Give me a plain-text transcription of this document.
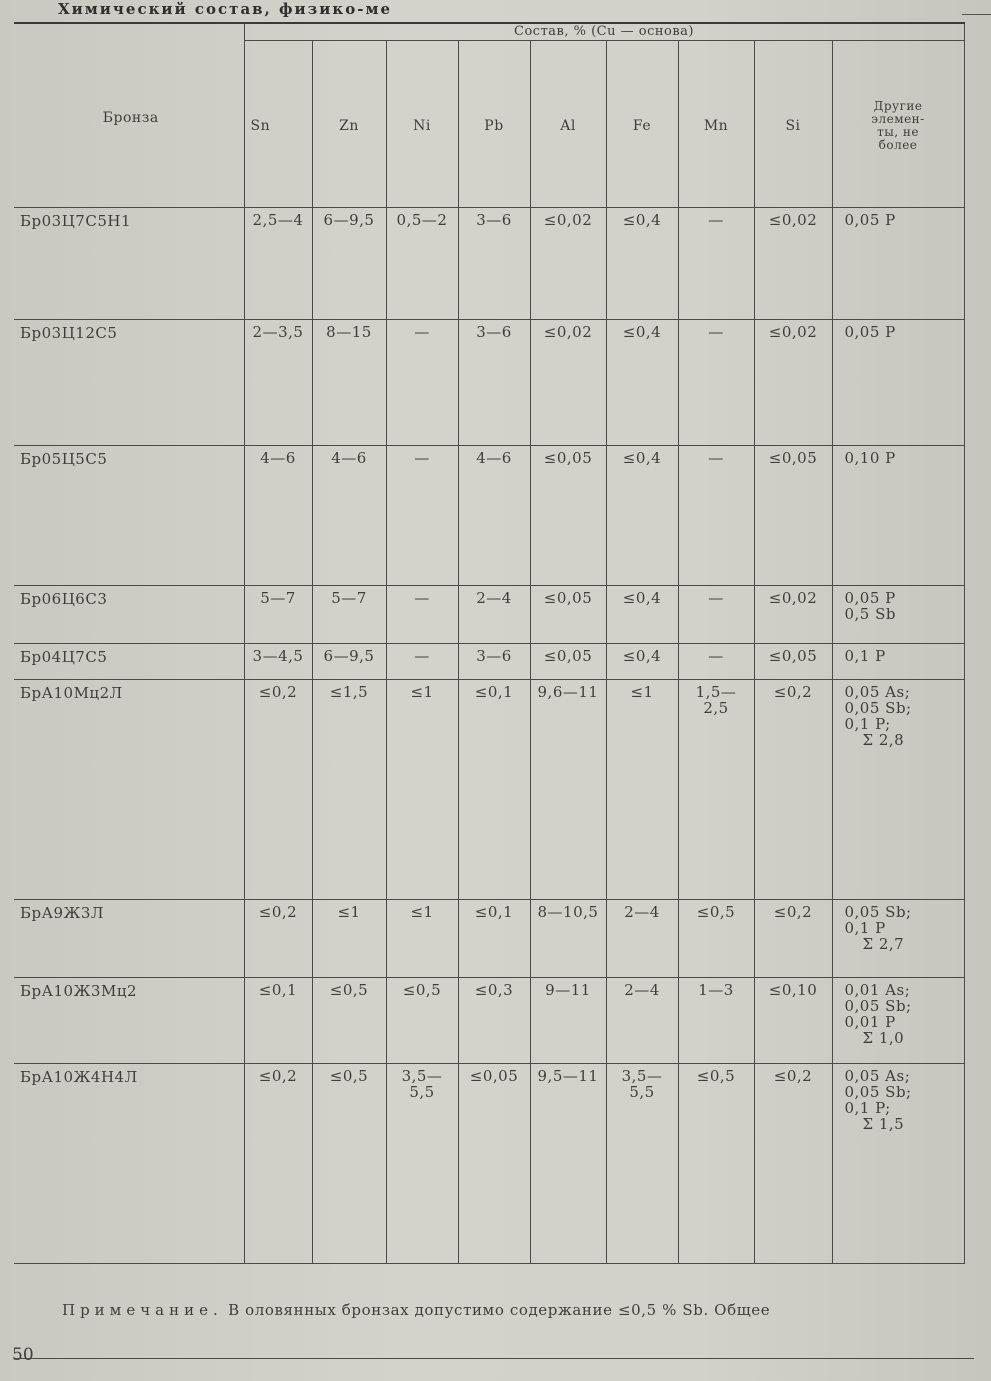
Химический состав, физико-ме
Бронза	Состав, % (Cu — основа)								
	Sn	Zn	Ni	Pb	Al	Fe	Mn	Si	Другие
элемен-
ты, не
более
Бр03Ц7С5Н1	2,5—4	6—9,5	0,5—2	3—6	≤0,02	≤0,4	—	≤0,02	0,05 P
Бр03Ц12С5	2—3,5	8—15	—	3—6	≤0,02	≤0,4	—	≤0,02	0,05 P
Бр05Ц5С5	4—6	4—6	—	4—6	≤0,05	≤0,4	—	≤0,05	0,10 P
Бр06Ц6С3	5—7	5—7	—	2—4	≤0,05	≤0,4	—	≤0,02	0,05 P
0,5 Sb
Бр04Ц7С5	3—4,5	6—9,5	—	3—6	≤0,05	≤0,4	—	≤0,05	0,1 P
БрА10Мц2Л	≤0,2	≤1,5	≤1	≤0,1	9,6—11	≤1	1,5—
2,5	≤0,2	0,05 As;
0,05 Sb;
0,1 P;
Σ 2,8
БрА9Ж3Л	≤0,2	≤1	≤1	≤0,1	8—10,5	2—4	≤0,5	≤0,2	0,05 Sb;
0,1 P
Σ 2,7
БрА10Ж3Мц2	≤0,1	≤0,5	≤0,5	≤0,3	9—11	2—4	1—3	≤0,10	0,01 As;
0,05 Sb;
0,01 P
Σ 1,0
БрА10Ж4Н4Л	≤0,2	≤0,5	3,5—
5,5	≤0,05	9,5—11	3,5—
5,5	≤0,5	≤0,2	0,05 As;
0,05 Sb;
0,1 P;
Σ 1,5
Примечание. В оловянных бронзах допустимо содержание ≤0,5 % Sb. Общее
50
